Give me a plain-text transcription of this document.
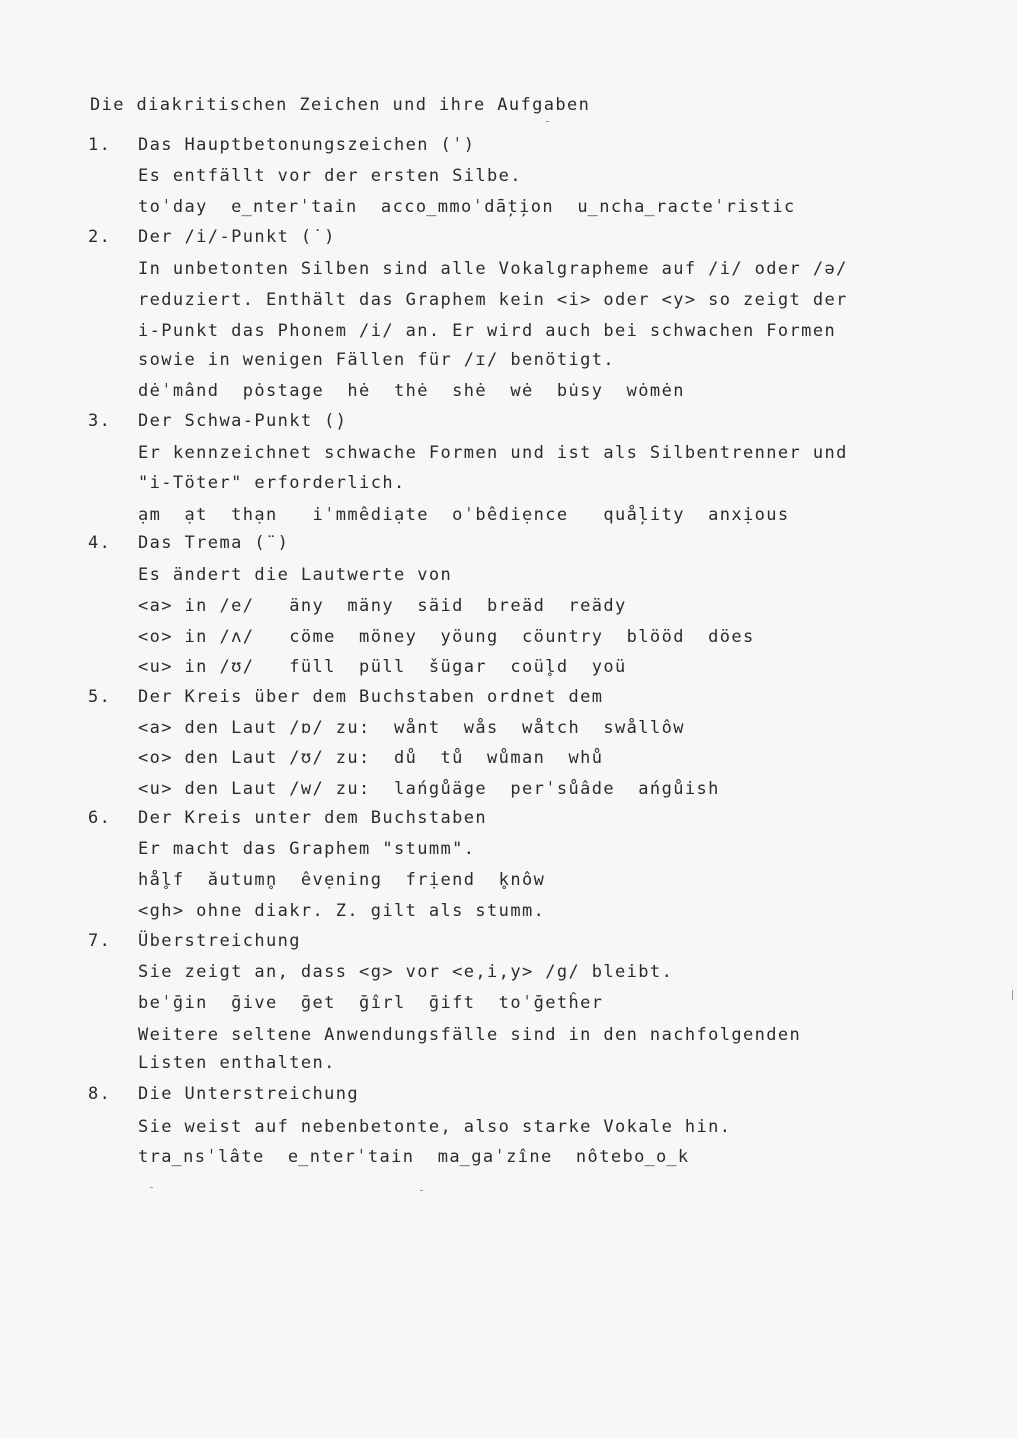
Die diakritischen Zeichen und ihre Aufgaben
1. Das Hauptbetonungszeichen (ˈ)
Es entfällt vor der ersten Silbe.
toˈday  e̲nterˈtain  acco̲mmoˈdā̦ti̦on  u̲ncha̲racteˈristic
2. Der /i/-Punkt (˙)
In unbetonten Silben sind alle Vokalgrapheme auf /i/ oder /ə/
reduziert. Enthält das Graphem kein <i> oder <y> so zeigt der
i-Punkt das Phonem /i/ an. Er wird auch bei schwachen Formen
sowie in wenigen Fällen für /ɪ/ benötigt.
dėˈmând  pȯstage  hė  thė  shė  wė  bu̇sy  wȯmėn
3. Der Schwa-Punkt (̣)
Er kennzeichnet schwache Formen und ist als Silbentrenner und
"i-Töter" erforderlich.
ạm  ạt  thạn   iˈmmêdiạte  oˈbêdiẹnce   quål̦ity  anxịous
4. Das Trema (¨)
Es ändert die Lautwerte von
<a> in /e/   äny  mäny  säid  breäd  reädy
<o> in /ʌ/   cöme  möney  yöung  cöuntry  blööd  döes
<u> in /ʊ/   füll  püll  šügar  coül̥d  yoü
5. Der Kreis über dem Buchstaben ordnet dem
<a> den Laut /ɒ/ zu:  wånt  wås  wåtch  swållôw
<o> den Laut /ʊ/ zu:  dů  tů  wůman  whů
<u> den Laut /w/ zu:  lańgůäge  perˈsůâde  ańgůish
6. Der Kreis unter dem Buchstaben
Er macht das Graphem "stumm".
hål̥f  ăutumn̥  êvẹning  frịend  k̥nôw
<gh> ohne diakr. Z. gilt als stumm.
7. Überstreichung
Sie zeigt an, dass <g> vor <e,i,y> /g/ bleibt.
beˈḡin  ḡive  ḡet  ḡîrl  ḡift  toˈḡetĥer
Weitere seltene Anwendungsfälle sind in den nachfolgenden
Listen enthalten.
8. Die Unterstreichung
Sie weist auf nebenbetonte, also starke Vokale hin.
tra̲nsˈlâte  e̲nterˈtain  ma̲gaˈzîne  nôtebo̲o̲k
